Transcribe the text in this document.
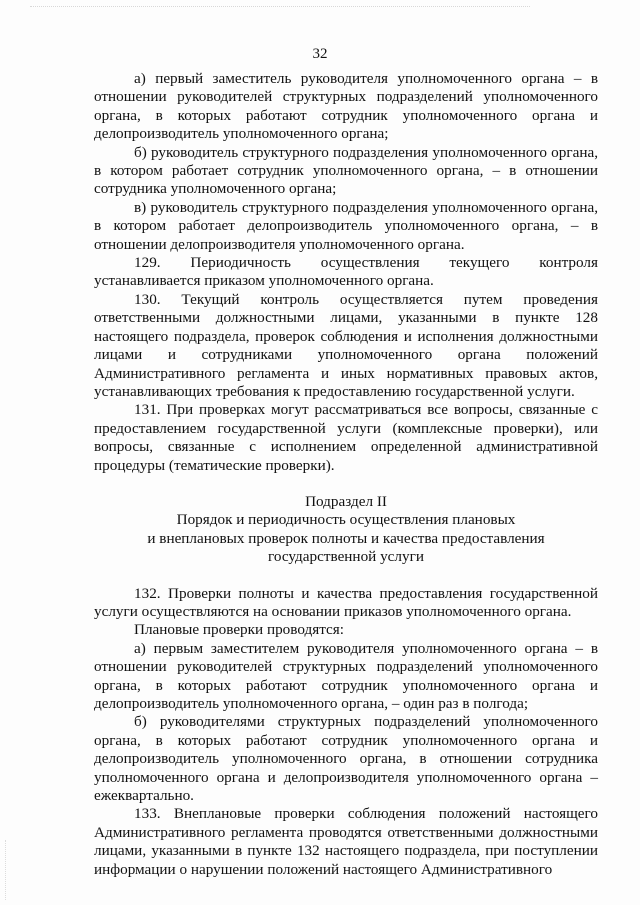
32

а) первый заместитель руководителя уполномоченного органа – в отношении руководителей структурных подразделений уполномоченного органа, в которых работают сотрудник уполномоченного органа и делопроизводитель уполномоченного органа;

б) руководитель структурного подразделения уполномоченного органа, в котором работает сотрудник уполномоченного органа, – в отношении сотрудника уполномоченного органа;

в) руководитель структурного подразделения уполномоченного органа, в котором работает делопроизводитель уполномоченного органа, – в отношении делопроизводителя уполномоченного органа.

129. Периодичность осуществления текущего контроля устанавливается приказом уполномоченного органа.

130. Текущий контроль осуществляется путем проведения ответственными должностными лицами, указанными в пункте 128 настоящего подраздела, проверок соблюдения и исполнения должностными лицами и сотрудниками уполномоченного органа положений Административного регламента и иных нормативных правовых актов, устанавливающих требования к предоставлению государственной услуги.

131. При проверках могут рассматриваться все вопросы, связанные с предоставлением государственной услуги (комплексные проверки), или вопросы, связанные с исполнением определенной административной процедуры (тематические проверки).

Подраздел II

Порядок и периодичность осуществления плановых

и внеплановых проверок полноты и качества предоставления

государственной услуги

132. Проверки полноты и качества предоставления государственной услуги осуществляются на основании приказов уполномоченного органа.

Плановые проверки проводятся:

а) первым заместителем руководителя уполномоченного органа – в отношении руководителей структурных подразделений уполномоченного органа, в которых работают сотрудник уполномоченного органа и делопроизводитель уполномоченного органа, – один раз в полгода;

б) руководителями структурных подразделений уполномоченного органа, в которых работают сотрудник уполномоченного органа и делопроизводитель уполномоченного органа, в отношении сотрудника уполномоченного органа и делопроизводителя уполномоченного органа – ежеквартально.

133. Внеплановые проверки соблюдения положений настоящего Административного регламента проводятся ответственными должностными лицами, указанными в пункте 132 настоящего подраздела, при поступлении информации о нарушении положений настоящего Административного
